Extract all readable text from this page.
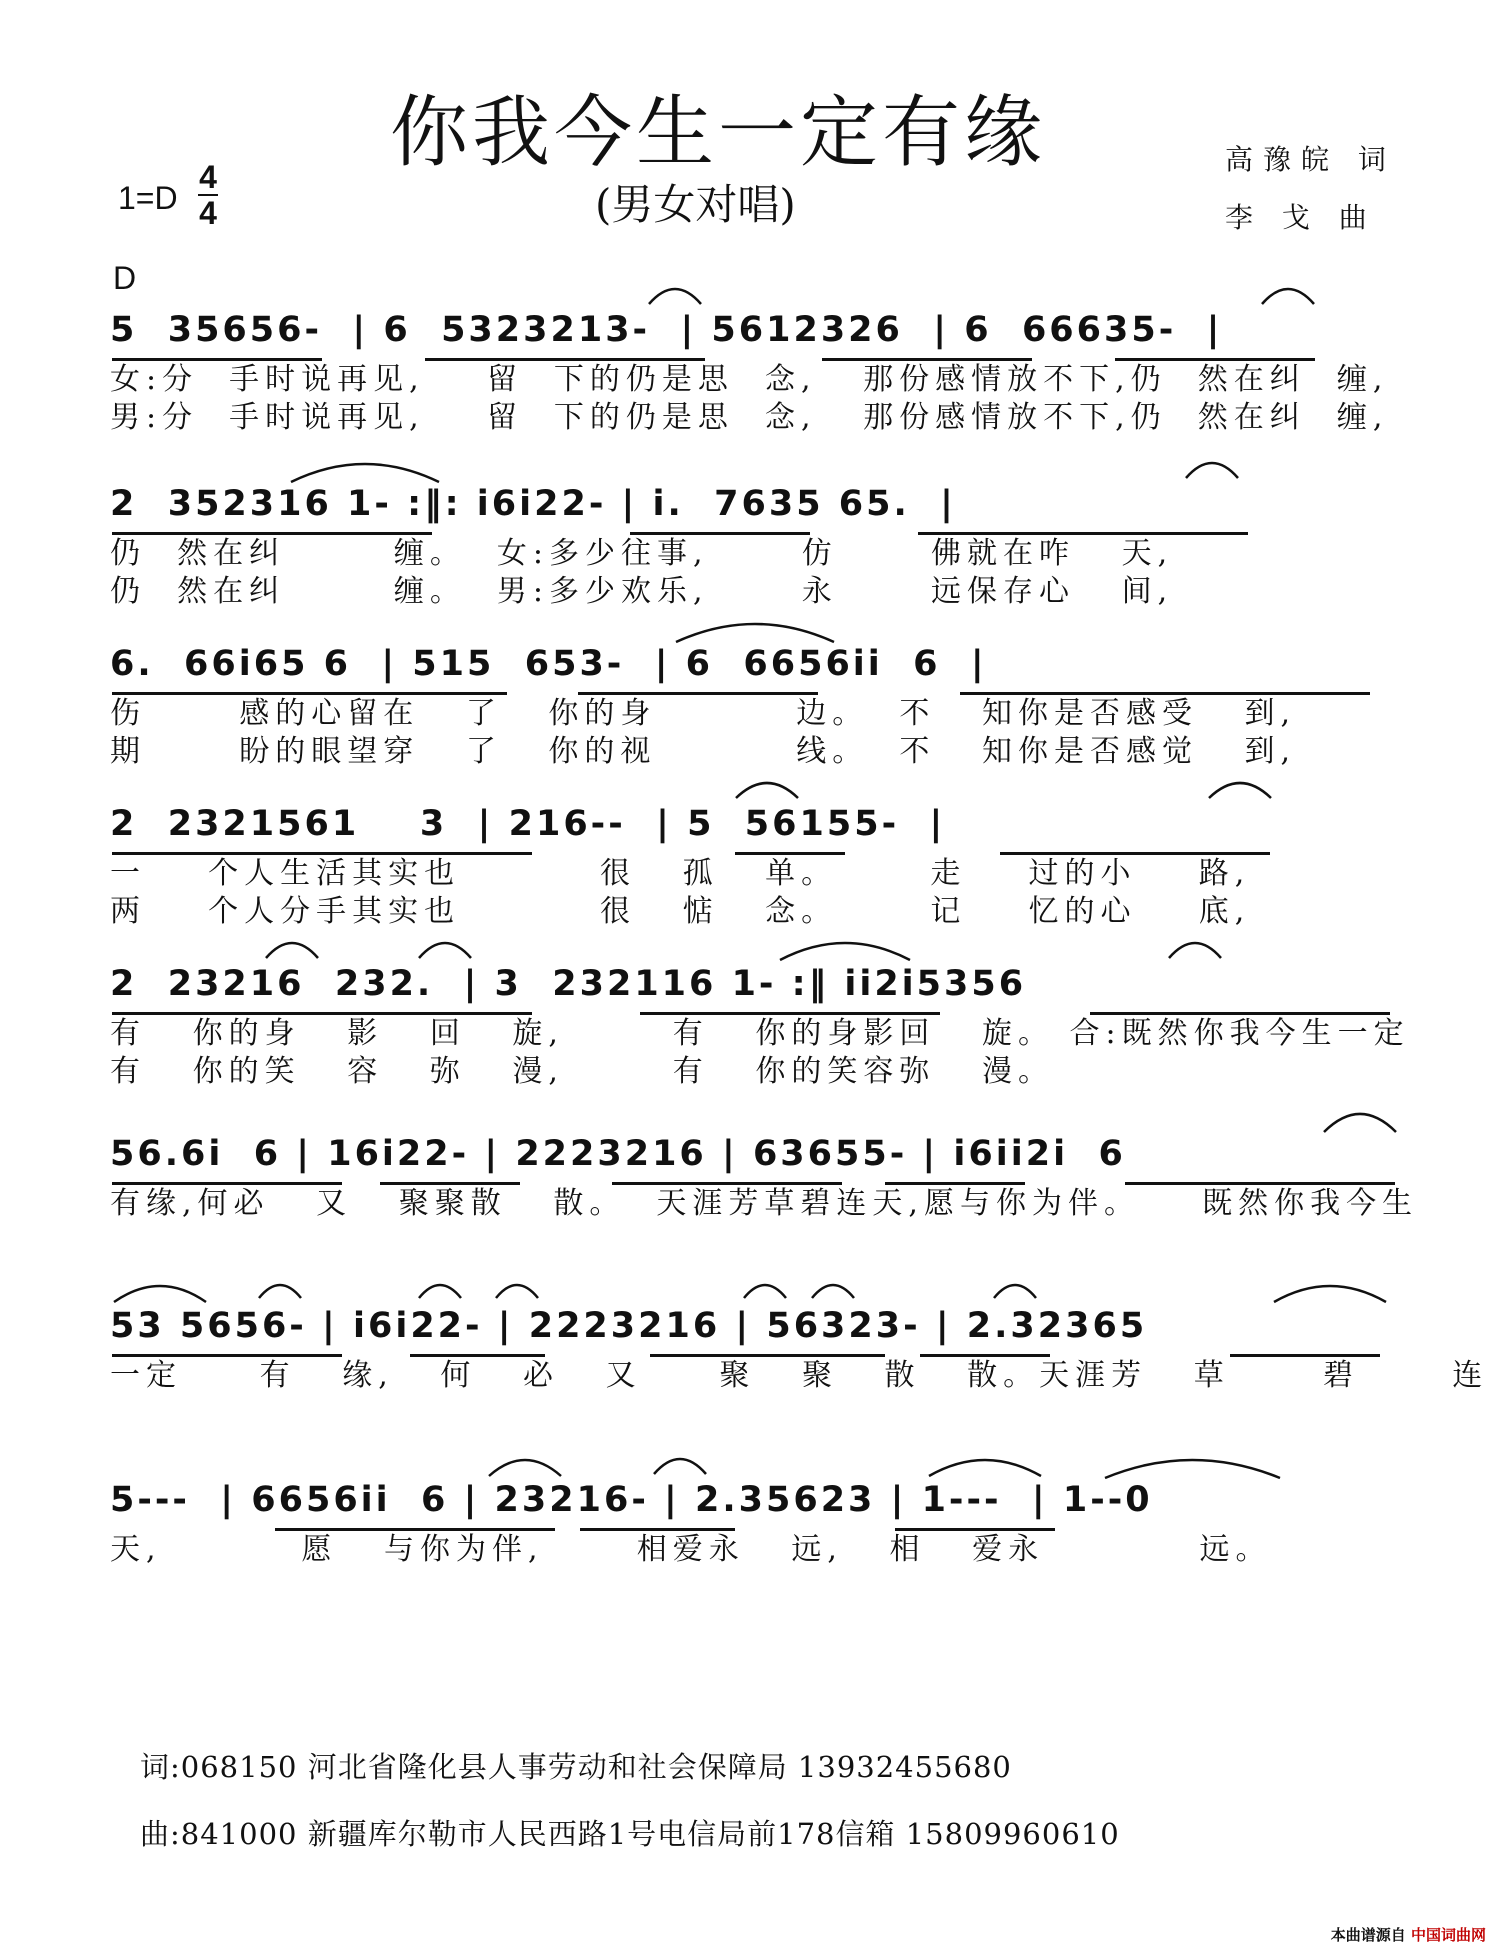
你我今生一定有缘
(男女对唱)
高豫皖 词
李 戈 曲
1=D
4
4
D
5  35656-  | 6  5323213-  | 5612326  | 6  66635-  |
女:分  手时说再见,    留  下的仍是思  念,   那份感情放不下,仍  然在纠  缠,
男:分  手时说再见,    留  下的仍是思  念,   那份感情放不下,仍  然在纠  缠,
2  352316 1- :‖: i6i22- | i.  7635 65.  |
仍  然在纠       缠。  女:多少往事,      仿      佛就在咋   天,
仍  然在纠       缠。  男:多少欢乐,      永      远保存心   间,
6.  66i65 6  | 515  653-  | 6  6656ii  6  |
伤      感的心留在   了   你的身         边。  不   知你是否感受   到,
期      盼的眼望穿   了   你的视         线。  不   知你是否感觉   到,
2  2321561    3  | 216--  | 5  56155-  |
一    个人生活其实也         很   孤   单。      走    过的小    路,
两    个人分手其实也         很   惦   念。      记    忆的心    底,
2  23216  232.  | 3  232116 1- :‖ ii2i5356
有   你的身   影   回   旋,       有   你的身影回   旋。 合:既然你我今生一定
有   你的笑   容   弥   漫,       有   你的笑容弥   漫。
56.6i  6 | 16i22- | 2223216 | 63655- | i6ii2i  6
有缘,何必   又   聚聚散   散。  天涯芳草碧连天,愿与你为伴。    既然你我今生
53 5656- | i6i22- | 2223216 | 56323- | 2.32365
一定     有   缘,   何   必   又     聚   聚   散   散。天涯芳   草      碧      连
5---  | 6656ii  6 | 23216- | 2.35623 | 1---  | 1--0
天,         愿   与你为伴,      相爱永   远,   相   爱永          远。
词:068150 河北省隆化县人事劳动和社会保障局 13932455680
曲:841000 新疆库尔勒市人民西路1号电信局前178信箱 15809960610
本曲谱源自 中国词曲网
